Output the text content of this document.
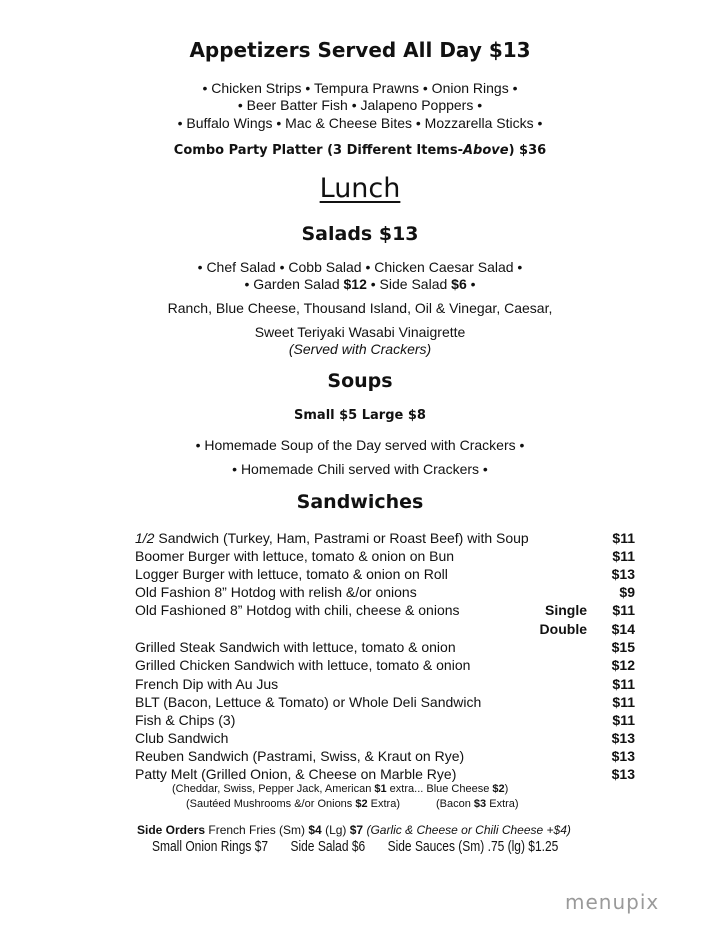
Appetizers Served All Day $13
• Chicken Strips • Tempura Prawns • Onion Rings •
• Beer Batter Fish • Jalapeno Poppers •
• Buffalo Wings • Mac & Cheese Bites • Mozzarella Sticks •
Combo Party Platter (3 Different Items-Above) $36
Lunch
Salads $13
• Chef Salad • Cobb Salad • Chicken Caesar Salad •
• Garden Salad $12 • Side Salad $6 •
Ranch, Blue Cheese, Thousand Island, Oil & Vinegar, Caesar,
Sweet Teriyaki Wasabi Vinaigrette
(Served with Crackers)
Soups
Small $5 Large $8
• Homemade Soup of the Day served with Crackers •
• Homemade Chili served with Crackers •
Sandwiches
1/2 Sandwich (Turkey, Ham, Pastrami or Roast Beef) with Soup	$11
Boomer Burger with lettuce, tomato & onion on Bun	$11
Logger Burger with lettuce, tomato & onion on Roll	$13
Old Fashion 8” Hotdog with relish &/or onions	$9
Old Fashioned 8” Hotdog with chili, cheese & onions	Single $11
Double $14
Grilled Steak Sandwich with lettuce, tomato & onion	$15
Grilled Chicken Sandwich with lettuce, tomato & onion	$12
French Dip with Au Jus	$11
BLT (Bacon, Lettuce & Tomato) or Whole Deli Sandwich	$11
Fish & Chips (3)	$11
Club Sandwich	$13
Reuben Sandwich (Pastrami, Swiss, & Kraut on Rye)	$13
Patty Melt (Grilled Onion, & Cheese on Marble Rye)	$13
(Cheddar, Swiss, Pepper Jack, American $1 extra... Blue Cheese $2)
(Sautéed Mushrooms &/or Onions $2 Extra)	(Bacon $3 Extra)
Side Orders French Fries (Sm) $4 (Lg) $7 (Garlic & Cheese or Chili Cheese +$4)
Small Onion Rings $7 Side Salad $6 Side Sauces (Sm) .75 (lg) $1.25
menupix
